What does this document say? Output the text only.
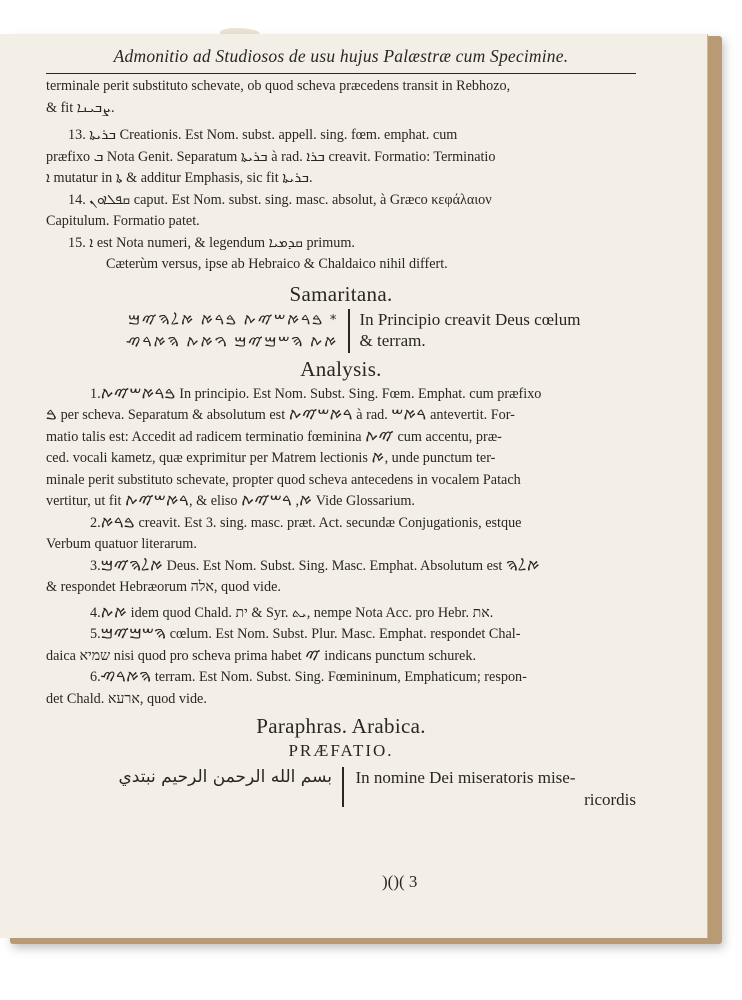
Admonitio ad Studiosos de usu hujus Palæstræ cum Specimine.

terminale perit substituto schevate, ob quod scheva præcedens transit in Rebhozo,

& fit ܨܒܝܢܐ.

13. ܒܪܝܬܐ Creationis. Est Nom. subst. appell. sing. fœm. emphat. cum

præfixo ܒ Nota Genit. Separatum ܒܪܝܬܐ à rad. ܒܪܐ creavit. Formatio: Terminatio

ܐ mutatur in ܬܐ & additur Emphasis, sic fit ܒܪܝܬܐ.

14. ܩܦܠܐܘܢ caput. Est Nom. subst. sing. masc. absolut, à Græco κεφάλαιον

Capitulum. Formatio patet.

15. ܐ est Nota numeri, & legendum ܩܕܡܝܐ primum.

Cæterùm versus, ipse ab Hebraico & Chaldaico nihil differt.

Samaritana.
ࠁࠓࠀࠔࠉࠕ ࠁࠓࠀ ࠀࠋࠄࠉࠌ *
ࠀࠕ ࠄࠔࠌࠉࠌ ࠅࠀࠕ ࠄࠀࠓࠑ
In Principio creavit Deus cœlum
& terram.
Analysis.

1.ࠁࠓࠀࠔࠉࠕ In principio. Est Nom. Subst. Sing. Fœm. Emphat. cum præfixo

ࠁ per scheva. Separatum & absolutum est ࠓࠀࠔࠉࠕ à rad. ࠓࠀࠔ antevertit. For-

matio talis est: Accedit ad radicem terminatio fœminina ࠉࠕ cum accentu, præ-

ced. vocali kametz, quæ exprimitur per Matrem lectionis ࠀ, unde punctum ter-

minale perit substituto schevate, propter quod scheva antecedens in vocalem Patach

vertitur, ut fit ࠓࠀࠔࠉࠕ, & eliso ࠀ, ࠓࠔࠉࠕ Vide Glossarium.

2.ࠁࠓࠀ creavit. Est 3. sing. masc. præt. Act. secundæ Conjugationis, estque

Verbum quatuor literarum.

3.ࠀࠋࠄࠉࠌ Deus. Est Nom. Subst. Sing. Masc. Emphat. Absolutum est ࠀࠋࠄ

& respondet Hebræorum אלה, quod vide.

4.ࠀࠕ idem quod Chald. ית & Syr. ܝܬ, nempe Nota Acc. pro Hebr. את.

5.ࠄࠔࠌࠉࠌ cœlum. Est Nom. Subst. Plur. Masc. Emphat. respondet Chal-

daica שמיא nisi quod pro scheva prima habet ࠉ indicans punctum schurek.

6.ࠄࠀࠓࠑ terram. Est Nom. Subst. Sing. Fœmininum, Emphaticum; respon-

det Chald. ארעא, quod vide.

Paraphras. Arabica.
PRÆFATIO.
بسم الله الرحمن الرحيم نبتدي	In nomine Dei miseratoris mise-
ricordis
)()( 3
